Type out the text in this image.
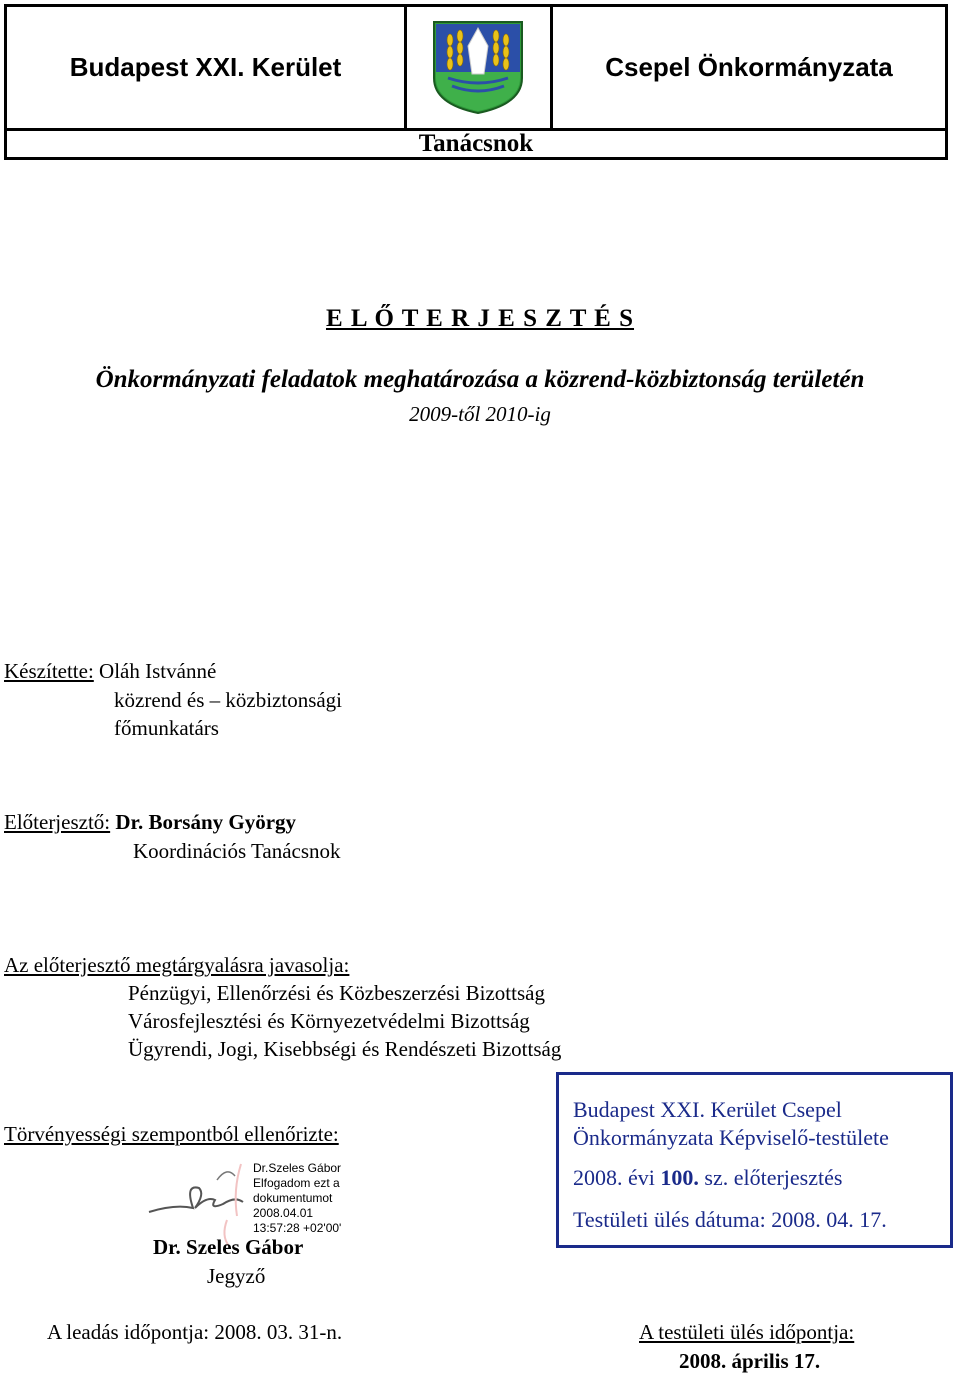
Budapest XXI. Kerület	Csepel Önkormányzata
Tanácsnok
E L Ő T E R J E S Z T É S
Önkormányzati feladatok meghatározása a közrend-közbiztonság területén
2009-től 2010-ig
Készítette: Oláh Istvánné
közrend és – közbiztonsági
főmunkatárs
Előterjesztő: Dr. Borsány György
Koordinációs Tanácsnok
Az előterjesztő megtárgyalásra javasolja:
Pénzügyi, Ellenőrzési és Közbeszerzési Bizottság
Városfejlesztési és Környezetvédelmi Bizottság
Ügyrendi, Jogi, Kisebbségi és Rendészeti Bizottság
Törvényességi szempontból ellenőrizte:
Dr.Szeles Gábor
Elfogadom ezt a
dokumentumot
2008.04.01
13:57:28 +02'00'
Dr. Szeles Gábor
Jegyző
Budapest XXI. Kerület Csepel
Önkormányzata Képviselő-testülete
2008. évi 100. sz. előterjesztés
Testületi ülés dátuma: 2008. 04. 17.
A leadás időpontja: 2008. 03. 31-n.	A testületi ülés időpontja:
2008. április 17.
